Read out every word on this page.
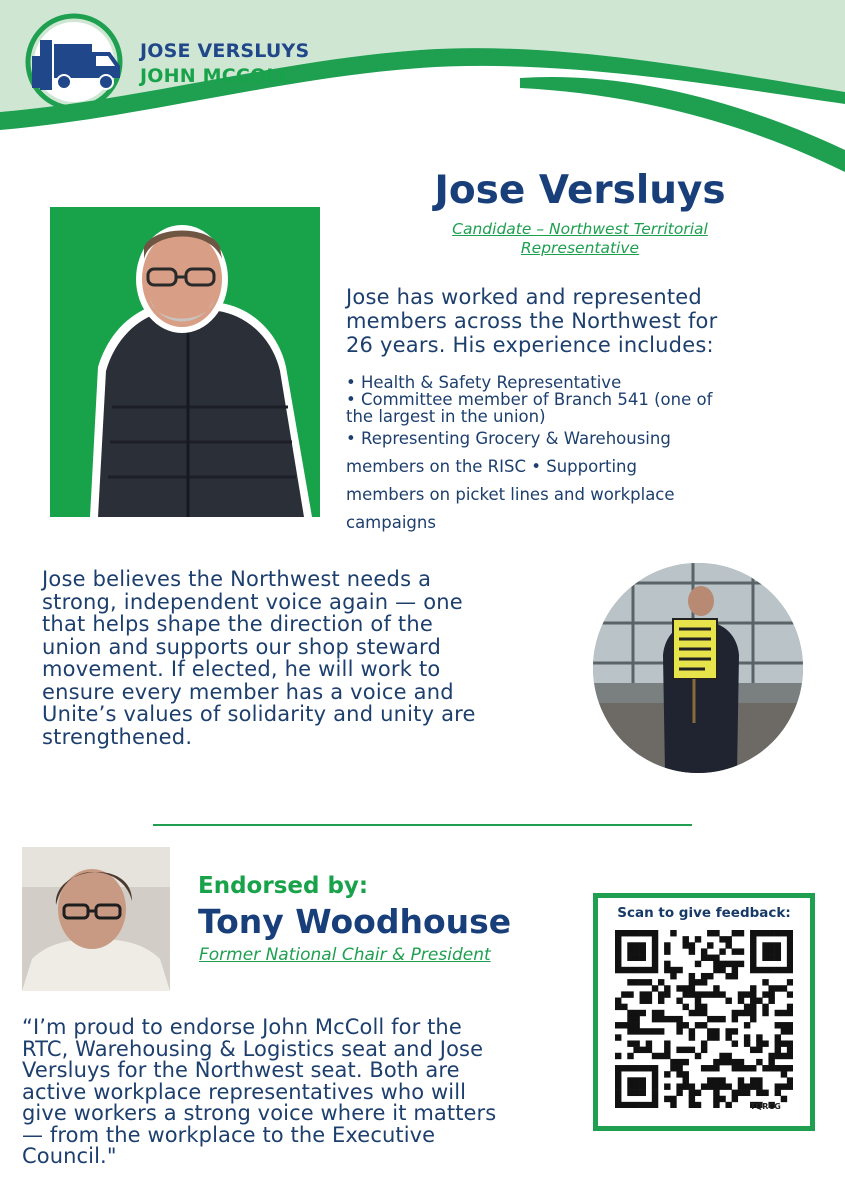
JOSE VERSLUYS
JOHN MCCOLL
Jose Versluys
Candidate – Northwest Territorial
Representative
Jose has worked and represented
members across the Northwest for
26 years. His experience includes:
• Health & Safety Representative
• Committee member of Branch 541 (one of
the largest in the union)
• Representing Grocery & Warehousing
members on the RISC • Supporting
members on picket lines and workplace
campaigns
Jose believes the Northwest needs a
strong, independent voice again — one
that helps shape the direction of the
union and supports our shop steward
movement. If elected, he will work to
ensure every member has a voice and
Unite’s values of solidarity and unity are
strengthened.
Endorsed by:
Tony Woodhouse
Former National Chair & President
“I’m proud to endorse John McColl for the
RTC, Warehousing & Logistics seat and Jose
Versluys for the Northwest seat. Both are
active workplace representatives who will
give workers a strong voice where it matters
— from the workplace to the Executive
Council."
Scan to give feedback:
TQRCG
